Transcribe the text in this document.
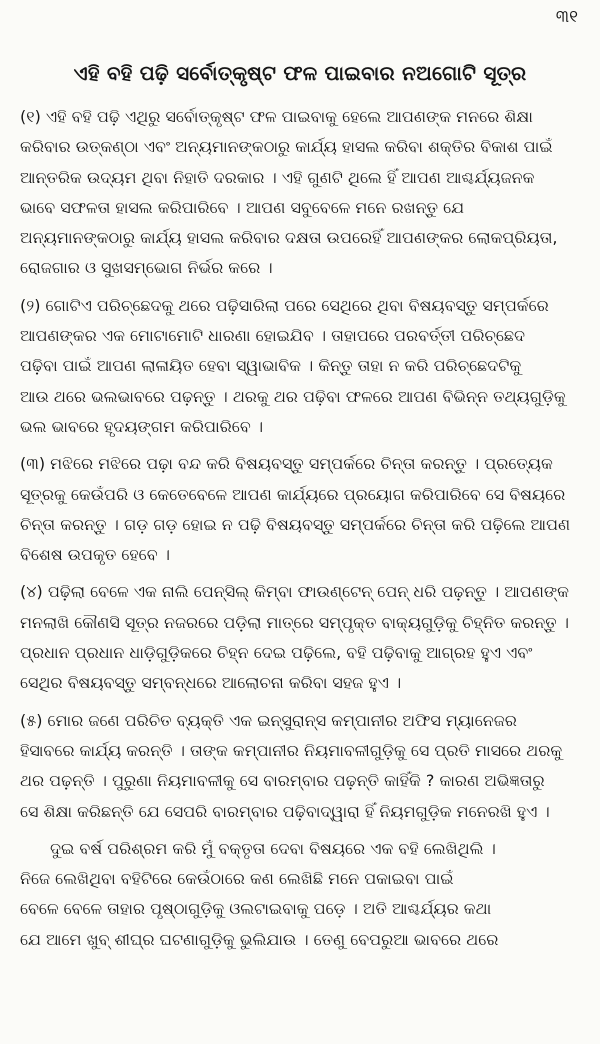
୩୧
ଏହି ବହି ପଢ଼ି ସର୍ବୋତ୍କୃଷ୍ଟ ଫଳ ପାଇବାର ନଅଗୋଟି ସୂତ୍ର
(୧) ଏହି ବହି ପଢ଼ି ଏଥିରୁ ସର୍ବୋତ୍କୃଷ୍ଟ ଫଳ ପାଇବାକୁ ହେଲେ ଆପଣଙ୍କ ମନରେ ଶିକ୍ଷା
କରିବାର ଉତ୍କଣ୍ଠା ଏବଂ ଅନ୍ୟମାନଙ୍କଠାରୁ କାର୍ଯ୍ୟ ହାସଲ କରିବା ଶକ୍ତିର ବିକାଶ ପାଇଁ
ଆନ୍ତରିକ ଉଦ୍ୟମ ଥିବା ନିହାତି ଦରକାର । ଏହି ଗୁଣଟି ଥିଲେ ହିଁ ଆପଣ ଆଶ୍ଚର୍ଯ୍ୟଜନକ
ଭାବେ ସଫଳତା ହାସଲ କରିପାରିବେ । ଆପଣ ସବୁବେଳେ ମନେ ରଖନ୍ତୁ ଯେ
ଅନ୍ୟମାନଙ୍କଠାରୁ କାର୍ଯ୍ୟ ହାସଲ କରିବାର ଦକ୍ଷତା ଉପରେହିଁ ଆପଣଙ୍କର ଲୋକପ୍ରିୟତା,
ରୋଜଗାର ଓ ସୁଖସମ୍ଭୋଗ ନିର୍ଭର କରେ ।
(୨) ଗୋଟିଏ ପରିଚ୍ଛେଦକୁ ଥରେ ପଢ଼ିସାରିଲା ପରେ ସେଥିରେ ଥିବା ବିଷୟବସ୍ତୁ ସମ୍ପର୍କରେ
ଆପଣଙ୍କର ଏକ ମୋଟାମୋଟି ଧାରଣା ହୋଇଯିବ । ତାହାପରେ ପରବର୍ତ୍ତୀ ପରିଚ୍ଛେଦ
ପଢ଼ିବା ପାଇଁ ଆପଣ ଲାଳାୟିତ ହେବା ସ୍ୱାଭାବିକ । କିନ୍ତୁ ତାହା ନ କରି ପରିଚ୍ଛେଦଟିକୁ
ଆଉ ଥରେ ଭଲଭାବରେ ପଢ଼ନ୍ତୁ । ଥରକୁ ଥର ପଢ଼ିବା ଫଳରେ ଆପଣ ବିଭିନ୍ନ ତଥ୍ୟଗୁଡ଼ିକୁ
ଭଲ ଭାବରେ ହୃଦୟଙ୍ଗମ କରିପାରିବେ ।
(୩) ମଝିରେ ମଝିରେ ପଢ଼ା ବନ୍ଦ କରି ବିଷୟବସ୍ତୁ ସମ୍ପର୍କରେ ଚିନ୍ତା କରନ୍ତୁ । ପ୍ରତ୍ୟେକ
ସୂତ୍ରକୁ କେଉଁପରି ଓ କେତେବେଳେ ଆପଣ କାର୍ଯ୍ୟରେ ପ୍ରୟୋଗ କରିପାରିବେ ସେ ବିଷୟରେ
ଚିନ୍ତା କରନ୍ତୁ । ଗଡ଼ ଗଡ଼ ହୋଇ ନ ପଢ଼ି ବିଷୟବସ୍ତୁ ସମ୍ପର୍କରେ ଚିନ୍ତା କରି ପଢ଼ିଲେ ଆପଣ
ବିଶେଷ ଉପକୃତ ହେବେ ।
(୪) ପଢ଼ିଲା ବେଳେ ଏକ ନାଲି ପେନ୍‌ସିଲ୍ କିମ୍ବା ଫାଉଣ୍ଟେନ୍ ପେନ୍ ଧରି ପଢ଼ନ୍ତୁ । ଆପଣଙ୍କ
ମନଲାଖି କୌଣସି ସୂତ୍ର ନଜରରେ ପଡ଼ିଲା ମାତ୍ରେ ସମ୍ପୃକ୍ତ ବାକ୍ୟଗୁଡ଼ିକୁ ଚିହ୍ନିତ କରନ୍ତୁ ।
ପ୍ରଧାନ ପ୍ରଧାନ ଧାଡ଼ିଗୁଡ଼ିକରେ ଚିହ୍ନ ଦେଇ ପଢ଼ିଲେ, ବହି ପଢ଼ିବାକୁ ଆଗ୍ରହ ହୁଏ ଏବଂ
ସେଥିର ବିଷୟବସ୍ତୁ ସମ୍ବନ୍ଧରେ ଆଲୋଚନା କରିବା ସହଜ ହୁଏ ।
(୫) ମୋର ଜଣେ ପରିଚିତ ବ୍ୟକ୍ତି ଏକ ଇନ୍‌ସୁରାନ୍‌ସ କମ୍ପାନୀର ଅଫିସ ମ୍ୟାନେଜର
ହିସାବରେ କାର୍ଯ୍ୟ କରନ୍ତି । ତାଙ୍କ କମ୍ପାନୀର ନିୟମାବଳୀଗୁଡ଼ିକୁ ସେ ପ୍ରତି ମାସରେ ଥରକୁ
ଥର ପଢ଼ନ୍ତି । ପୁରୁଣା ନିୟମାବଳୀକୁ ସେ ବାରମ୍ବାର ପଢ଼ନ୍ତି କାହିଁକି ? କାରଣ ଅଭିଜ୍ଞତାରୁ
ସେ ଶିକ୍ଷା କରିଛନ୍ତି ଯେ ସେପରି ବାରମ୍ବାର ପଢ଼ିବାଦ୍ୱାରା ହିଁ ନିୟମଗୁଡ଼ିକ ମନେରଖି ହୁଏ ।
ଦୁଇ ବର୍ଷ ପରିଶ୍ରମ କରି ମୁଁ ବକ୍ତୃତା ଦେବା ବିଷୟରେ ଏକ ବହି ଲେଖିଥିଲି ।
ନିଜେ ଲେଖିଥିବା ବହିଟିରେ କେଉଁଠାରେ କଣ ଲେଖିଛି ମନେ ପକାଇବା ପାଇଁ
ବେଳେ ବେଳେ ତାହାର ପୃଷ୍ଠାଗୁଡ଼ିକୁ ଓଲଟାଇବାକୁ ପଡ଼େ । ଅତି ଆଶ୍ଚର୍ଯ୍ୟର କଥା
ଯେ ଆମେ ଖୁବ୍ ଶୀଘ୍ର ଘଟଣାଗୁଡ଼ିକୁ ଭୁଲିଯାଉ । ତେଣୁ ବେପରୁଆ ଭାବରେ ଥରେ
